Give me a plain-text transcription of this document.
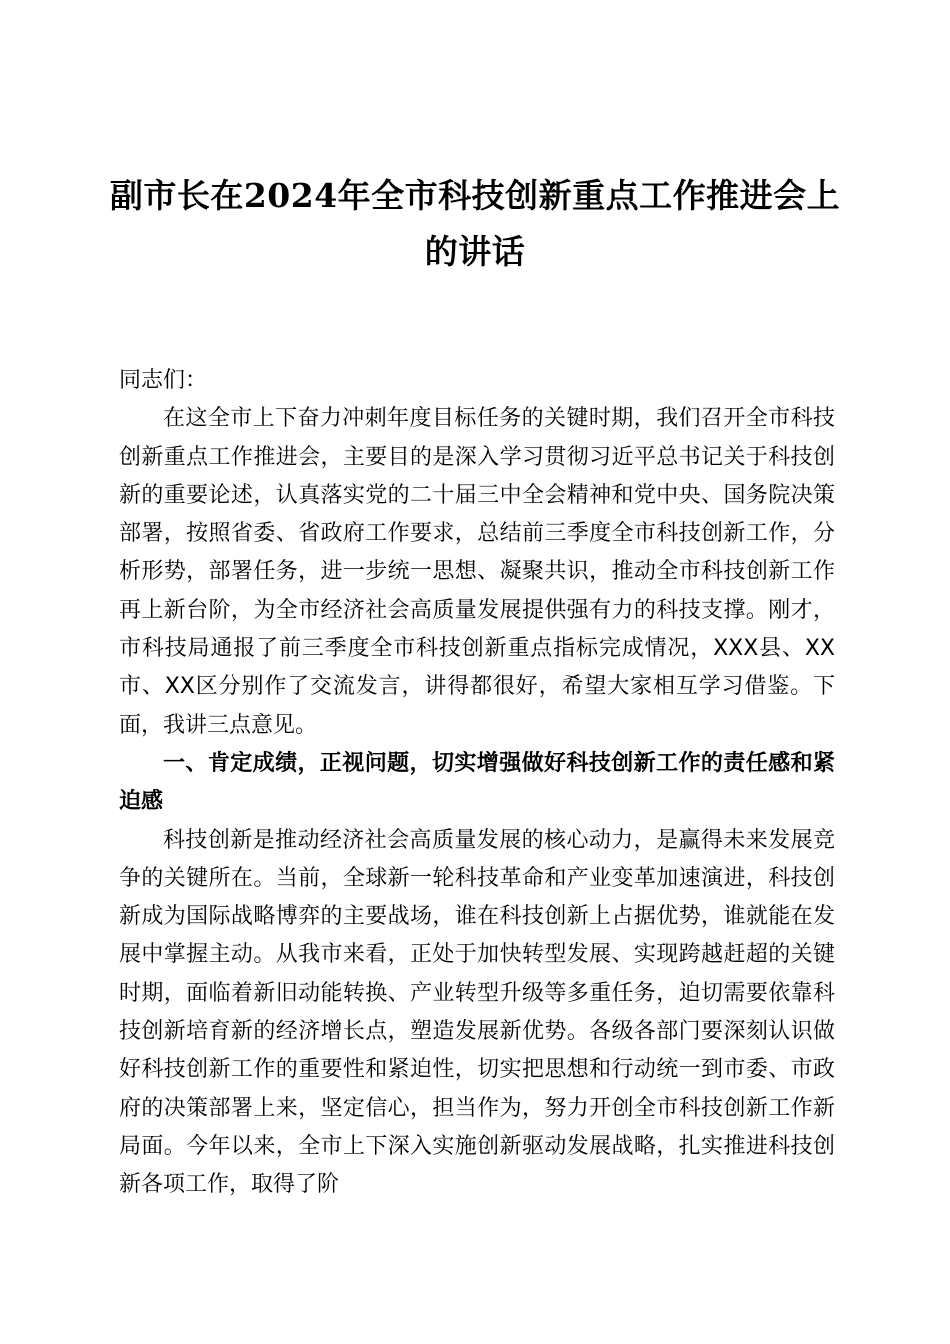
副市长在2024年全市科技创新重点工作推进会上的讲话

同志们：

在这全市上下奋力冲刺年度目标任务的关键时期，我们召开全市科技创新重点工作推进会，主要目的是深入学习贯彻习近平总书记关于科技创新的重要论述，认真落实党的二十届三中全会精神和党中央、国务院决策部署，按照省委、省政府工作要求，总结前三季度全市科技创新工作，分析形势，部署任务，进一步统一思想、凝聚共识，推动全市科技创新工作再上新台阶，为全市经济社会高质量发展提供强有力的科技支撑。刚才，市科技局通报了前三季度全市科技创新重点指标完成情况，XXX县、XX市、XX区分别作了交流发言，讲得都很好，希望大家相互学习借鉴。下面，我讲三点意见。

一、肯定成绩，正视问题，切实增强做好科技创新工作的责任感和紧迫感

科技创新是推动经济社会高质量发展的核心动力，是赢得未来发展竞争的关键所在。当前，全球新一轮科技革命和产业变革加速演进，科技创新成为国际战略博弈的主要战场，谁在科技创新上占据优势，谁就能在发展中掌握主动。从我市来看，正处于加快转型发展、实现跨越赶超的关键时期，面临着新旧动能转换、产业转型升级等多重任务，迫切需要依靠科技创新培育新的经济增长点，塑造发展新优势。各级各部门要深刻认识做好科技创新工作的重要性和紧迫性，切实把思想和行动统一到市委、市政府的决策部署上来，坚定信心，担当作为，努力开创全市科技创新工作新局面。今年以来，全市上下深入实施创新驱动发展战略，扎实推进科技创新各项工作，取得了阶
